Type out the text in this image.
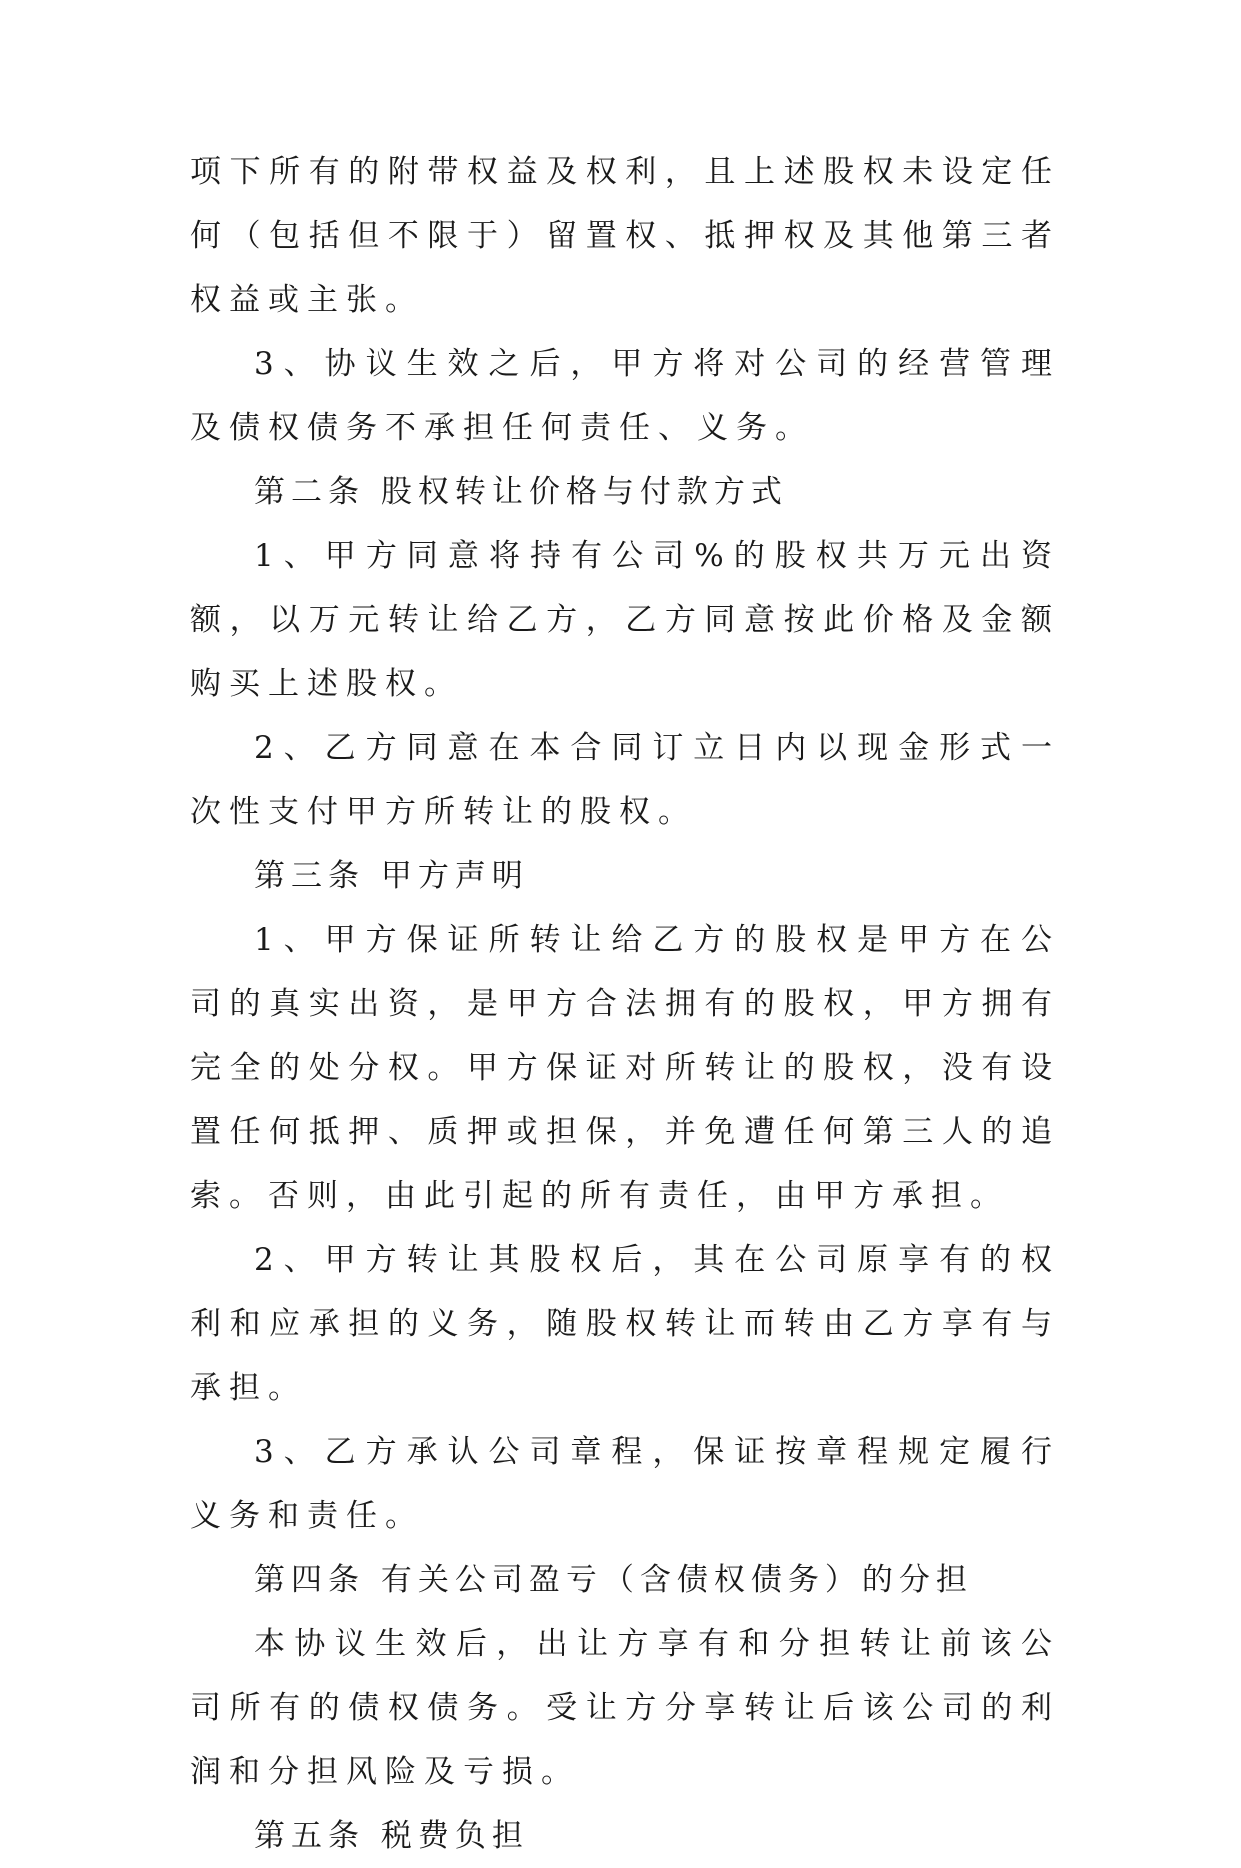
项下所有的附带权益及权利，且上述股权未设定任何（包括但不限于）留置权、抵押权及其他第三者权益或主张。

3、协议生效之后，甲方将对公司的经营管理及债权债务不承担任何责任、义务。

第二条 股权转让价格与付款方式

1、甲方同意将持有公司%的股权共万元出资额，以万元转让给乙方，乙方同意按此价格及金额购买上述股权。

2、乙方同意在本合同订立日内以现金形式一次性支付甲方所转让的股权。

第三条 甲方声明

1、甲方保证所转让给乙方的股权是甲方在公司的真实出资，是甲方合法拥有的股权，甲方拥有完全的处分权。甲方保证对所转让的股权，没有设置任何抵押、质押或担保，并免遭任何第三人的追索。否则，由此引起的所有责任，由甲方承担。

2、甲方转让其股权后，其在公司原享有的权利和应承担的义务，随股权转让而转由乙方享有与承担。

3、乙方承认公司章程，保证按章程规定履行义务和责任。

第四条 有关公司盈亏（含债权债务）的分担

本协议生效后，出让方享有和分担转让前该公司所有的债权债务。受让方分享转让后该公司的利润和分担风险及亏损。

第五条 税费负担
